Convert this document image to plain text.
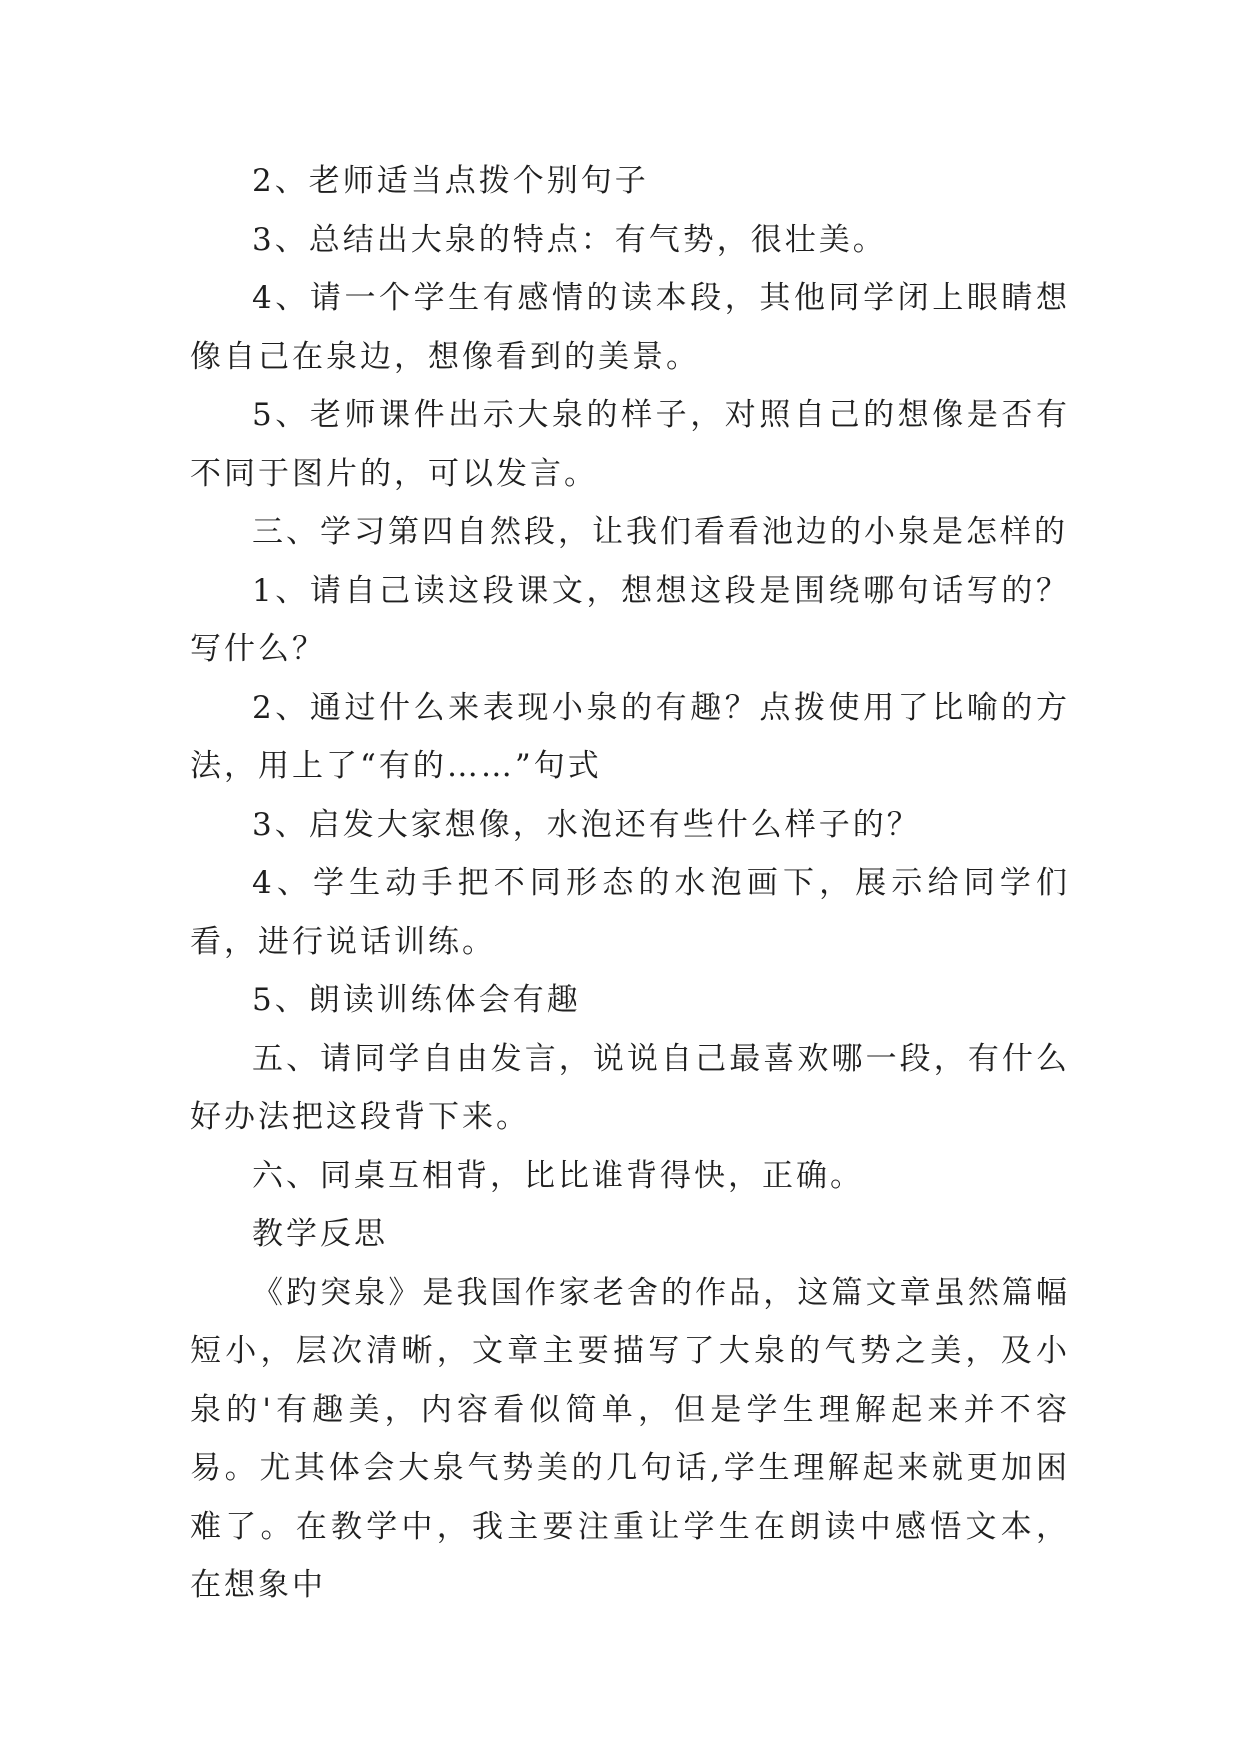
2、老师适当点拨个别句子

3、总结出大泉的特点：有气势，很壮美。

4、请一个学生有感情的读本段，其他同学闭上眼睛想像自己在泉边，想像看到的美景。

5、老师课件出示大泉的样子，对照自己的想像是否有不同于图片的，可以发言。

三、学习第四自然段，让我们看看池边的小泉是怎样的

1、请自己读这段课文，想想这段是围绕哪句话写的？写什么？

2、通过什么来表现小泉的有趣？点拨使用了比喻的方法，用上了“有的……”句式

3、启发大家想像，水泡还有些什么样子的？

4、学生动手把不同形态的水泡画下，展示给同学们看，进行说话训练。

5、朗读训练体会有趣

五、请同学自由发言，说说自己最喜欢哪一段，有什么好办法把这段背下来。

六、同桌互相背，比比谁背得快，正确。

教学反思

《趵突泉》是我国作家老舍的作品，这篇文章虽然篇幅短小，层次清晰，文章主要描写了大泉的气势之美，及小泉的'有趣美，内容看似简单，但是学生理解起来并不容易。尤其体会大泉气势美的几句话,学生理解起来就更加困难了。在教学中，我主要注重让学生在朗读中感悟文本，在想象中
